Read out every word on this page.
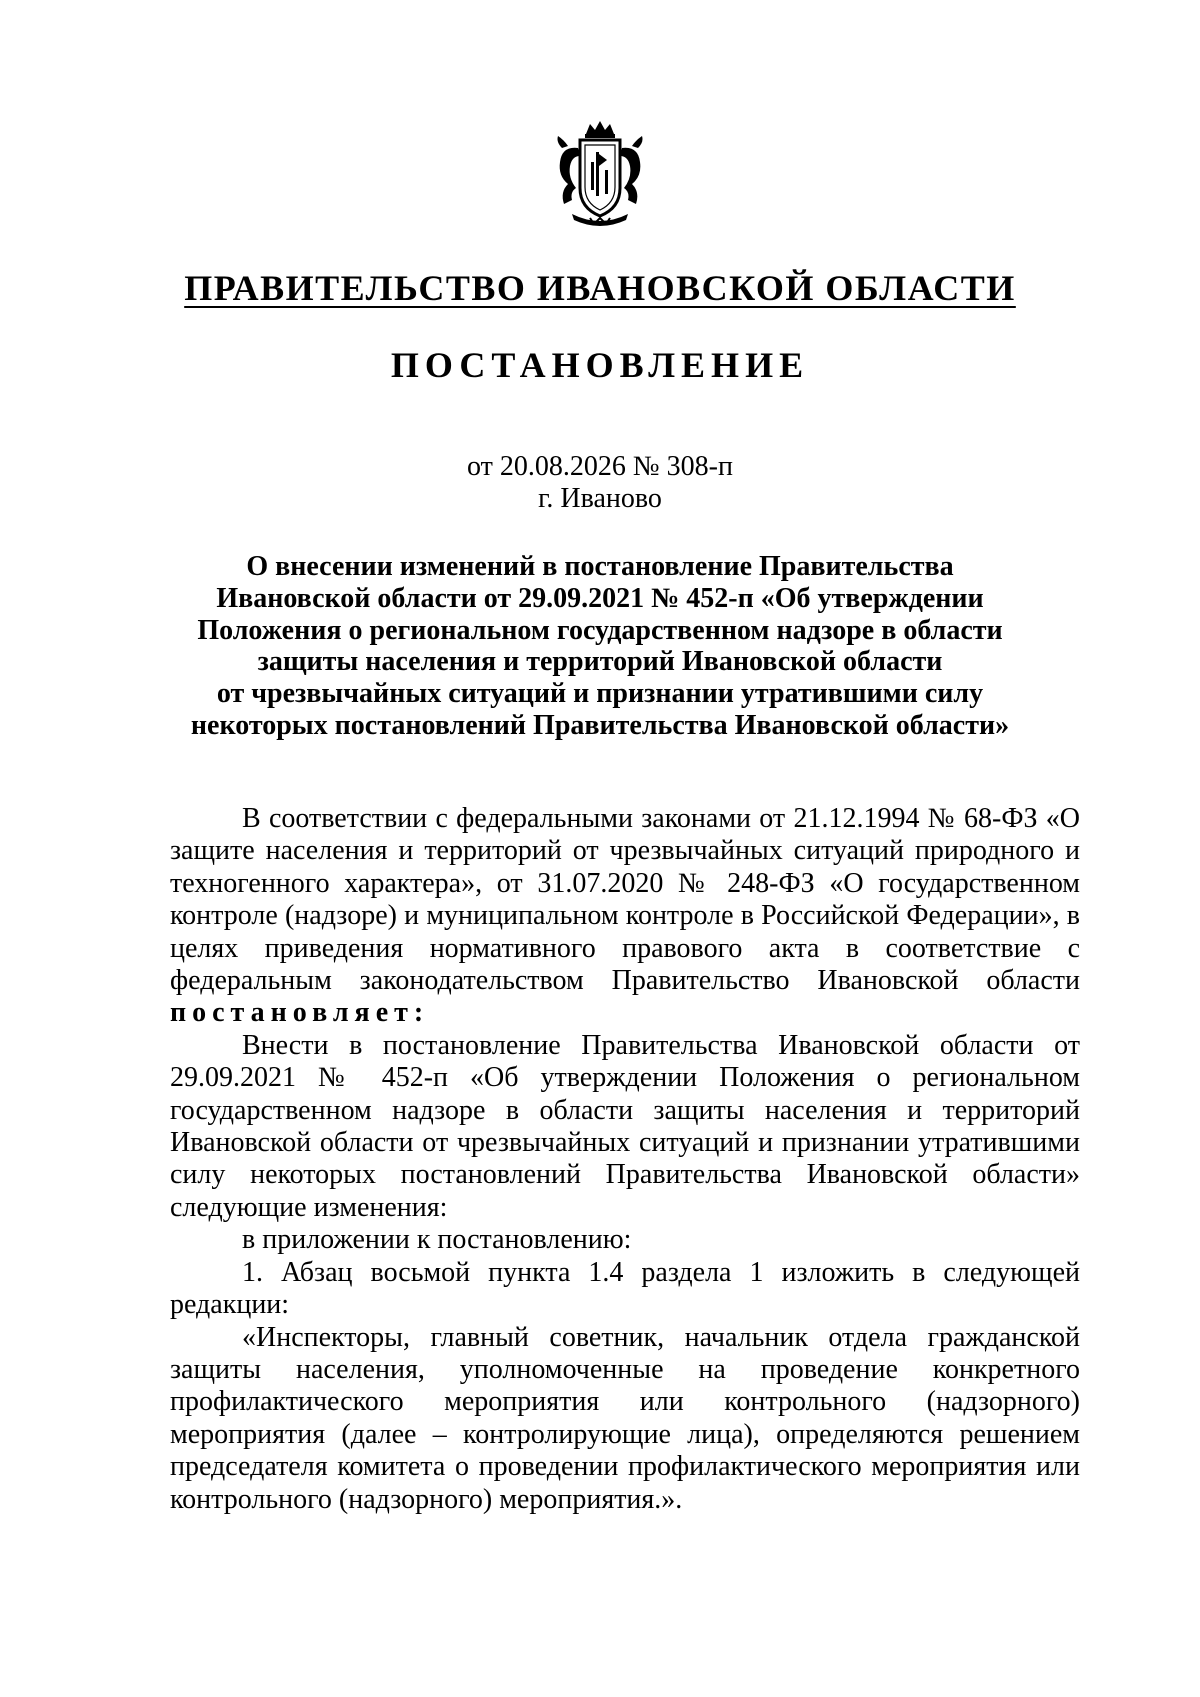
ПРАВИТЕЛЬСТВО ИВАНОВСКОЙ ОБЛАСТИ
ПОСТАНОВЛЕНИЕ
от 20.08.2026 № 308-п
г. Иваново
О внесении изменений в постановление Правительства
Ивановской области от 29.09.2021 № 452-п «Об утверждении
Положения о региональном государственном надзоре в области
защиты населения и территорий Ивановской области
от чрезвычайных ситуаций и признании утратившими силу
некоторых постановлений Правительства Ивановской области»

В соответствии с федеральными законами от 21.12.1994 № 68-ФЗ «О защите населения и территорий от чрезвычайных ситуаций природного и техногенного характера», от 31.07.2020 № 248-ФЗ «О государственном контроле (надзоре) и муниципальном контроле в Российской Федерации», в целях приведения нормативного правового акта в соответствие с федеральным законодательством Правительство Ивановской области постановляет:

Внести в постановление Правительства Ивановской области от 29.09.2021 № 452-п «Об утверждении Положения о региональном государственном надзоре в области защиты населения и территорий Ивановской области от чрезвычайных ситуаций и признании утратившими силу некоторых постановлений Правительства Ивановской области» следующие изменения:

в приложении к постановлению:

1. Абзац восьмой пункта 1.4 раздела 1 изложить в следующей редакции:

«Инспекторы, главный советник, начальник отдела гражданской защиты населения, уполномоченные на проведение конкретного профилактического мероприятия или контрольного (надзорного) мероприятия (далее – контролирующие лица), определяются решением председателя комитета о проведении профилактического мероприятия или контрольного (надзорного) мероприятия.».
